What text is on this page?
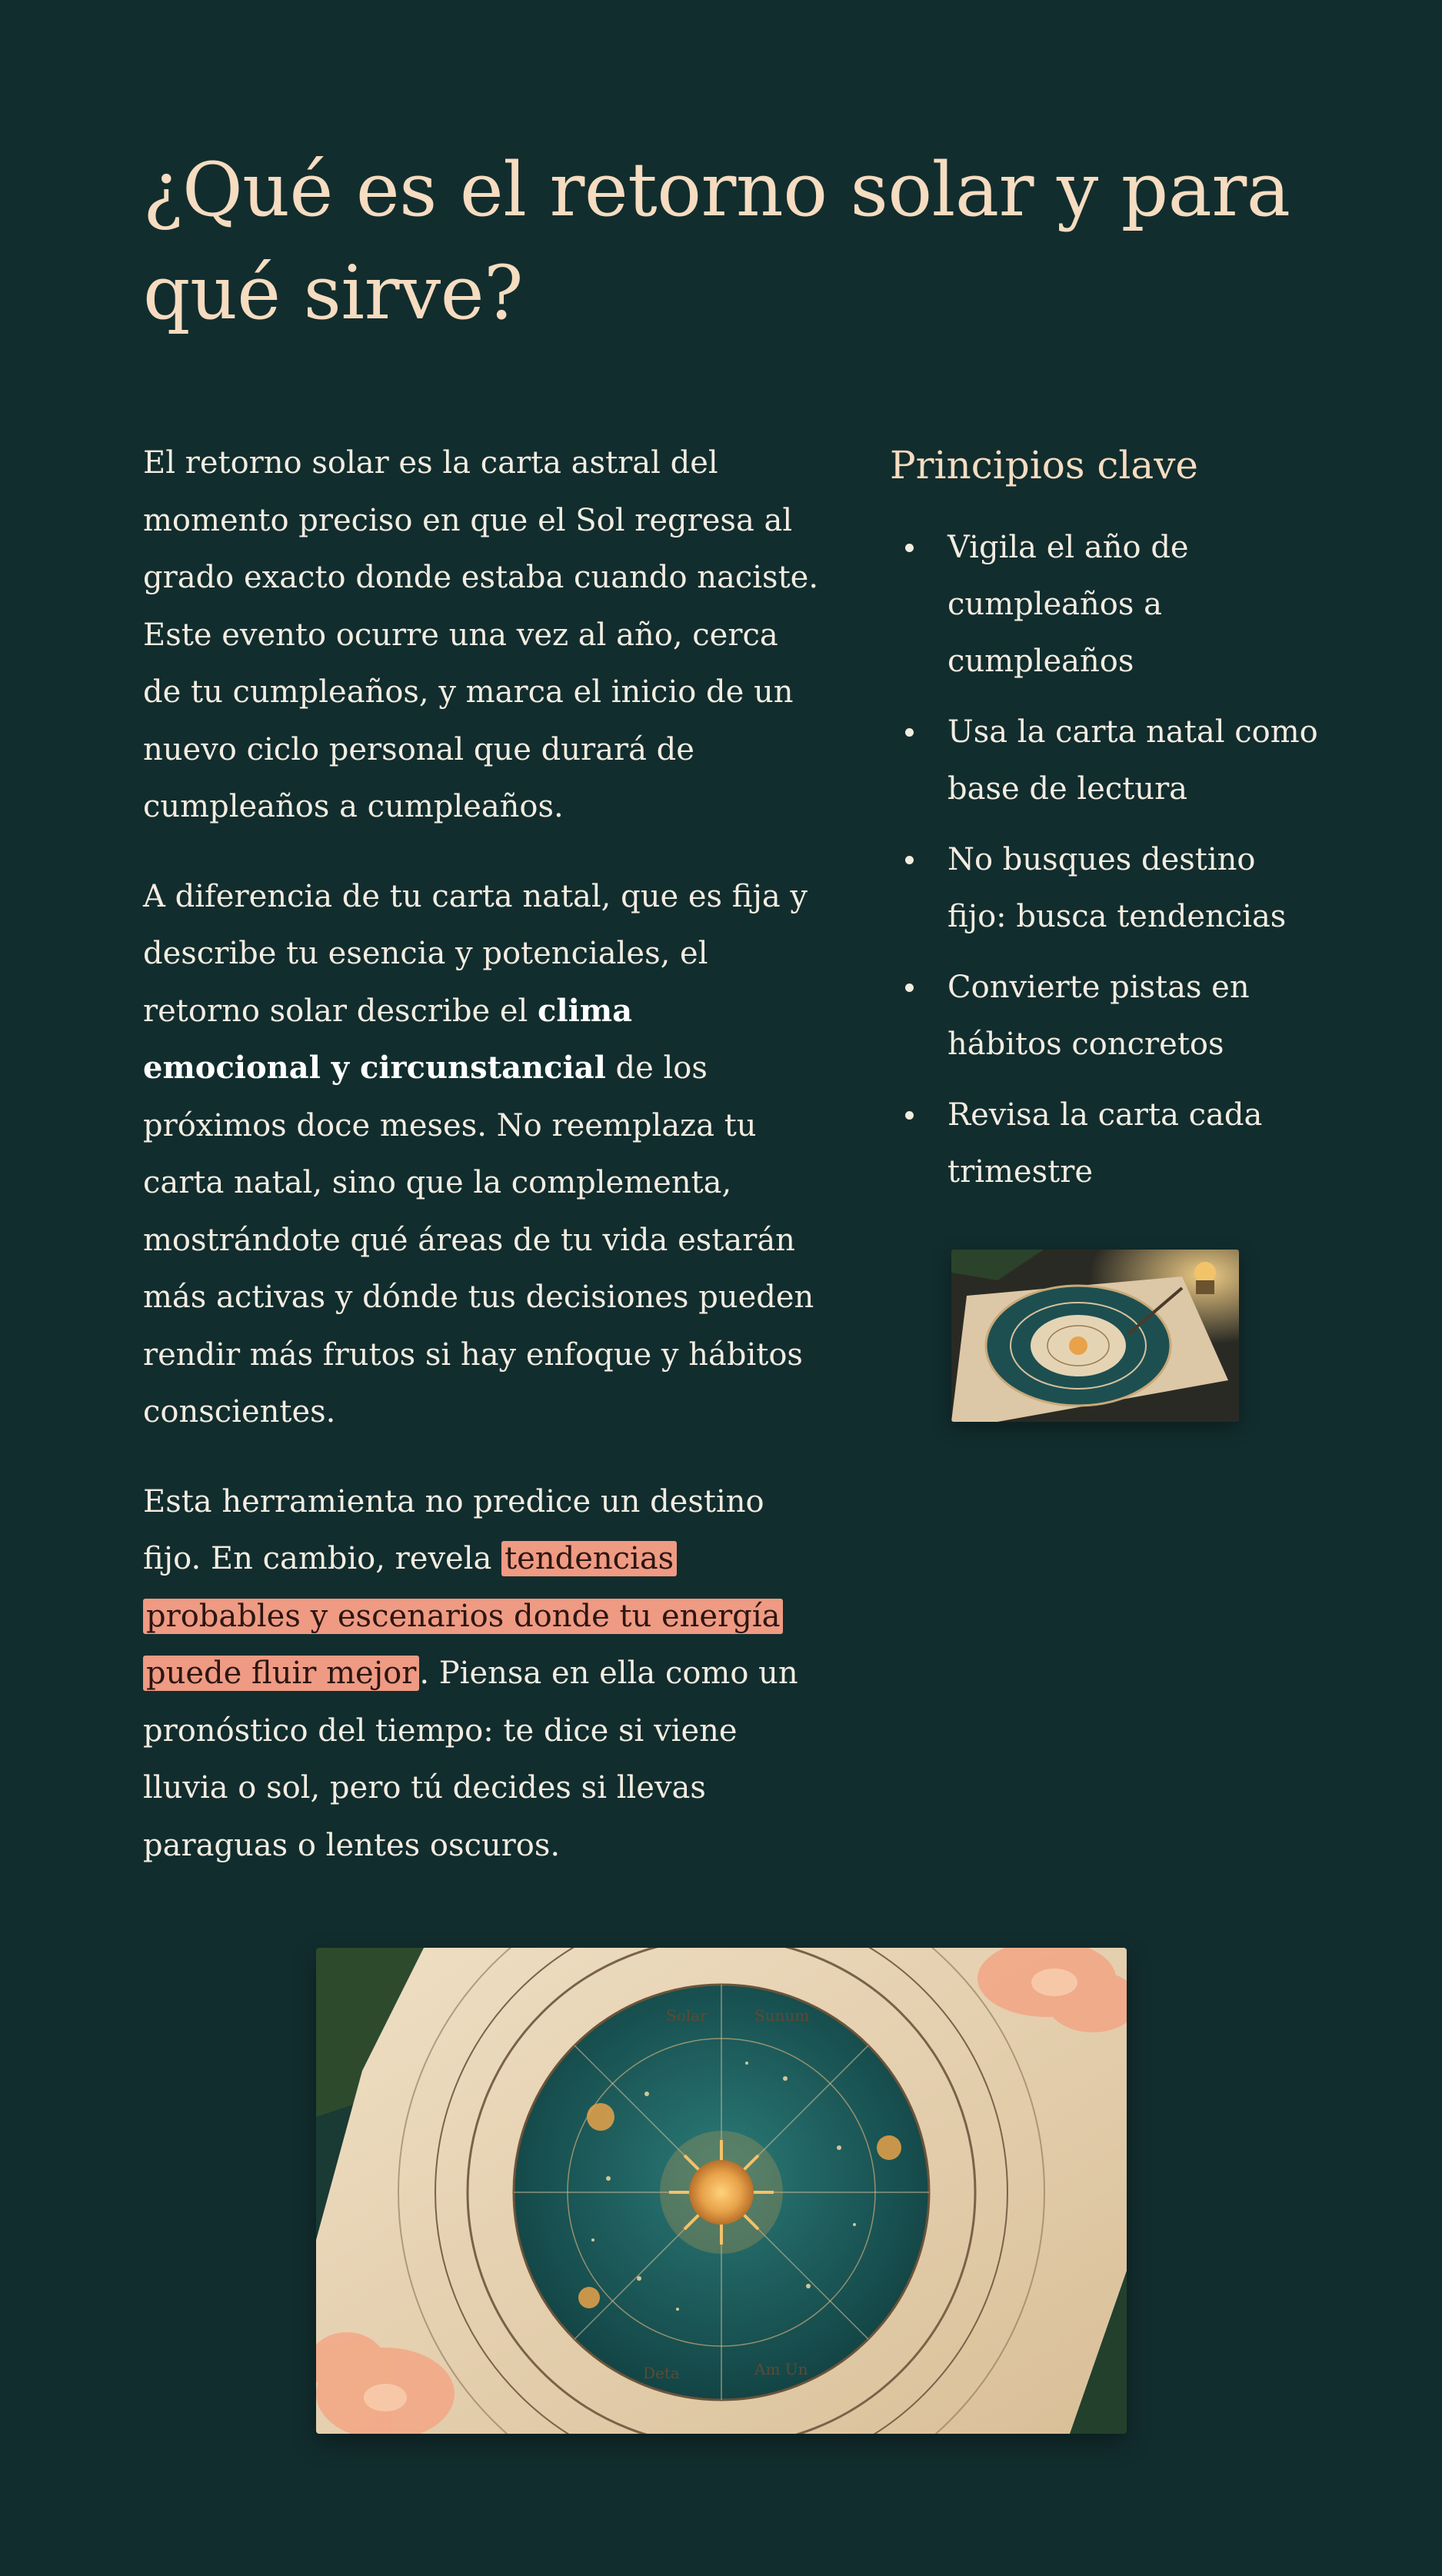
¿Qué es el retorno solar y para qué sirve?

El retorno solar es la carta astral del momento preciso en que el Sol regresa al grado exacto donde estaba cuando naciste. Este evento ocurre una vez al año, cerca de tu cumpleaños, y marca el inicio de un nuevo ciclo personal que durará de cumpleaños a cumpleaños.

A diferencia de tu carta natal, que es fija y describe tu esencia y potenciales, el retorno solar describe el clima emocional y circunstancial de los próximos doce meses. No reemplaza tu carta natal, sino que la complementa, mostrándote qué áreas de tu vida estarán más activas y dónde tus decisiones pueden rendir más frutos si hay enfoque y hábitos conscientes.

Esta herramienta no predice un destino fijo. En cambio, revela tendencias probables y escenarios donde tu energía puede fluir mejor . Piensa en ella como un pronóstico del tiempo: te dice si viene lluvia o sol, pero tú decides si llevas paraguas o lentes oscuros.

Principios clave
Vigila el año de cumpleaños a cumpleaños
Usa la carta natal como base de lectura
No busques destino fijo: busca tendencias
Convierte pistas en hábitos concretos
Revisa la carta cada trimestre
Solar	Sunum
Deta	Am Un
